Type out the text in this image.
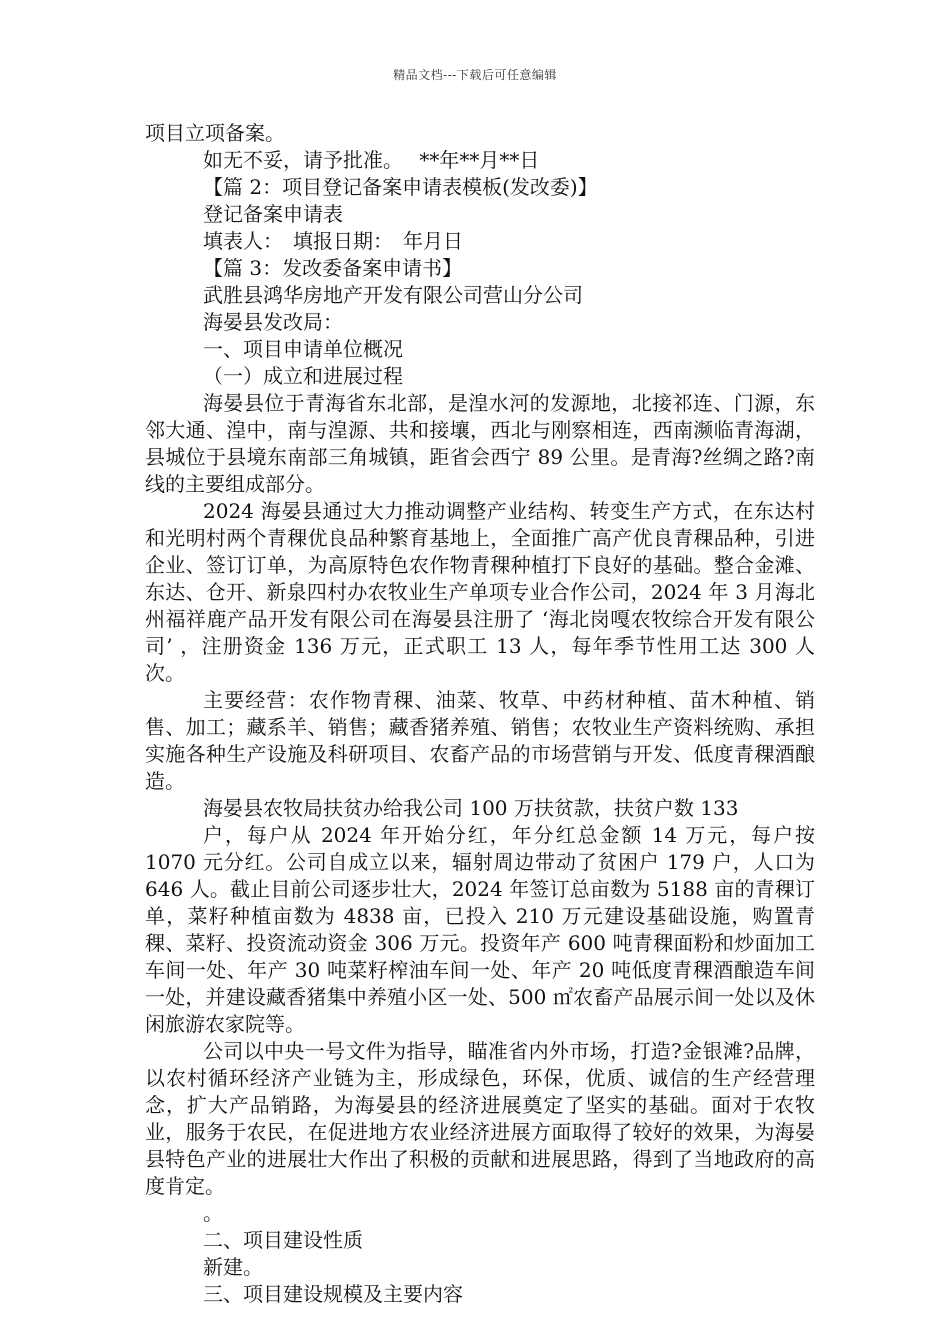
精品文档---下载后可任意编辑

项目立项备案。

如无不妥，请予批准。　 **年**月**日

【篇 2：项目登记备案申请表模板(发改委)】

登记备案申请表

填表人：　填报日期：　年月日

【篇 3：发改委备案申请书】

武胜县鸿华房地产开发有限公司营山分公司

海晏县发改局：

一、项目申请单位概况

（一）成立和进展过程

海晏县位于青海省东北部，是湟水河的发源地，北接祁连、门源，东邻大通、湟中，南与湟源、共和接壤，西北与刚察相连，西南濒临青海湖，县城位于县境东南部三角城镇，距省会西宁 89 公里。是青海?丝绸之路?南线的主要组成部分。

2024 海晏县通过大力推动调整产业结构、转变生产方式，在东达村和光明村两个青稞优良品种繁育基地上，全面推广高产优良青稞品种，引进企业、签订订单，为高原特色农作物青稞种植打下良好的基础。整合金滩、东达、仓开、新泉四村办农牧业生产单项专业合作公司，2024 年 3 月海北州福祥鹿产品开发有限公司在海晏县注册了 ‘海北岗嘎农牧综合开发有限公司’ ，注册资金 136 万元，正式职工 13 人，每年季节性用工达 300 人次。

主要经营：农作物青稞、油菜、牧草、中药材种植、苗木种植、销售、加工；藏系羊、销售；藏香猪养殖、销售；农牧业生产资料统购、承担实施各种生产设施及科研项目、农畜产品的市场营销与开发、低度青稞酒酿造。

海晏县农牧局扶贫办给我公司 100 万扶贫款，扶贫户数 133

户，每户从 2024 年开始分红，年分红总金额 14 万元，每户按 1070 元分红。公司自成立以来，辐射周边带动了贫困户 179 户，人口为 646 人。截止目前公司逐步壮大，2024 年签订总亩数为 5188 亩的青稞订单，菜籽种植亩数为 4838 亩，已投入 210 万元建设基础设施，购置青稞、菜籽、投资流动资金 306 万元。投资年产 600 吨青稞面粉和炒面加工车间一处、年产 30 吨菜籽榨油车间一处、年产 20 吨低度青稞酒酿造车间一处，并建设藏香猪集中养殖小区一处、500 ㎡农畜产品展示间一处以及休闲旅游农家院等。

公司以中央一号文件为指导，瞄准省内外市场，打造?金银滩?品牌，以农村循环经济产业链为主，形成绿色，环保，优质、诚信的生产经营理念，扩大产品销路，为海晏县的经济进展奠定了坚实的基础。面对于农牧业，服务于农民，在促进地方农业经济进展方面取得了较好的效果，为海晏县特色产业的进展壮大作出了积极的贡献和进展思路，得到了当地政府的高度肯定。

。

二、项目建设性质

新建。

三、项目建设规模及主要内容
